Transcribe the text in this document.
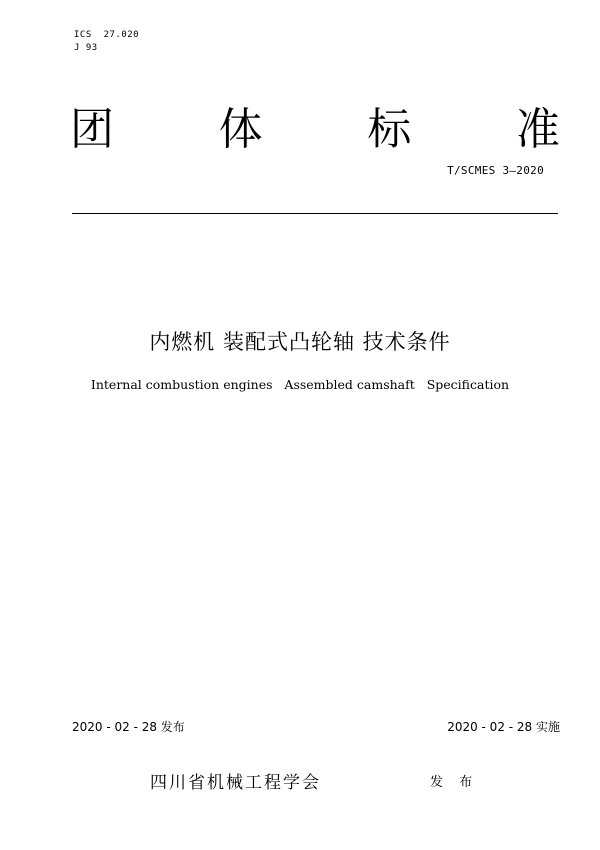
ICS  27.020
J 93
团 体 标 准
T/SCMES 3—2020
内燃机 装配式凸轮轴 技术条件
Internal combustion engines   Assembled camshaft   Specification
2020 - 02 - 28 发布	2020 - 02 - 28 实施
四川省机械工程学会	发 布
